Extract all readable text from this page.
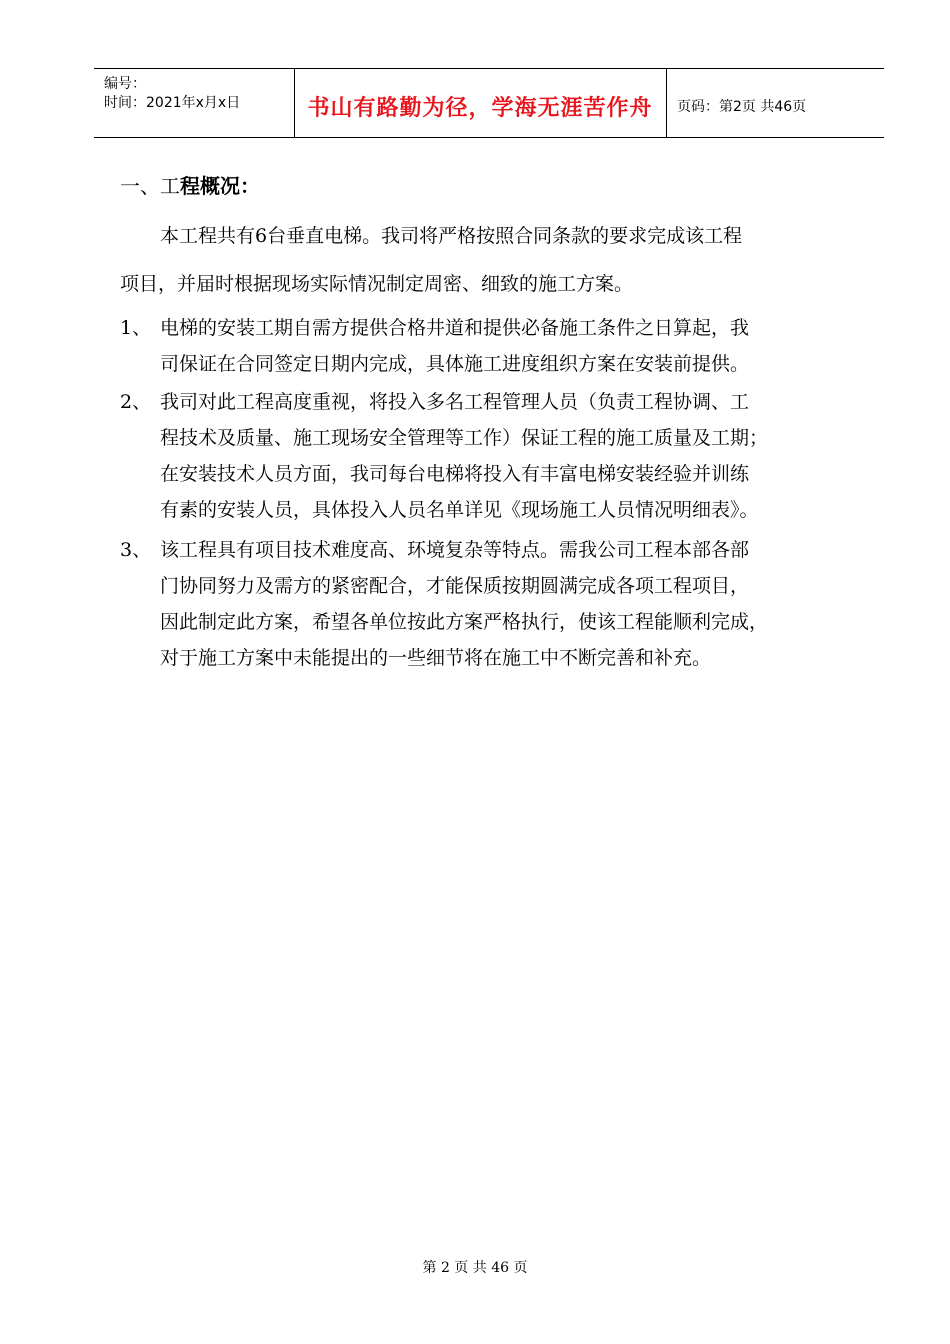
编号：
时间：2021年x月x日	书山有路勤为径，学海无涯苦作舟	页码：第2页 共46页
一、工程概况：
本工程共有6台垂直电梯。我司将严格按照合同条款的要求完成该工程
项目，并届时根据现场实际情况制定周密、细致的施工方案。
1、 电梯的安装工期自需方提供合格井道和提供必备施工条件之日算起，我
司保证在合同签定日期内完成，具体施工进度组织方案在安装前提供。
2、 我司对此工程高度重视，将投入多名工程管理人员（负责工程协调、工
程技术及质量、施工现场安全管理等工作）保证工程的施工质量及工期；
在安装技术人员方面，我司每台电梯将投入有丰富电梯安装经验并训练
有素的安装人员，具体投入人员名单详见《现场施工人员情况明细表》。
3、 该工程具有项目技术难度高、环境复杂等特点。需我公司工程本部各部
门协同努力及需方的紧密配合，才能保质按期圆满完成各项工程项目，
因此制定此方案，希望各单位按此方案严格执行，使该工程能顺利完成，
对于施工方案中未能提出的一些细节将在施工中不断完善和补充。
第 2 页 共 46 页
